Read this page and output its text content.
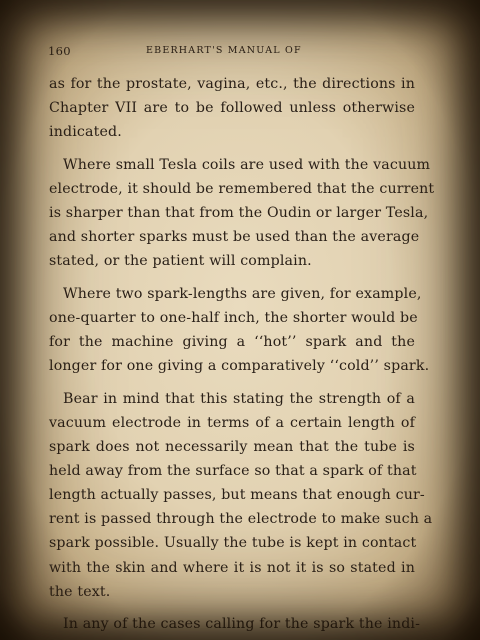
160	EBERHART'S MANUAL OF
as for the prostate, vagina, etc., the directions in
Chapter VII are to be followed unless otherwise
indicated.
Where small Tesla coils are used with the vacuum
electrode, it should be remembered that the current
is sharper than that from the Oudin or larger Tesla,
and shorter sparks must be used than the average
stated, or the patient will complain.
Where two spark-lengths are given, for example,
one-quarter to one-half inch, the shorter would be
for the machine giving a ‘‘hot’’ spark and the
longer for one giving a comparatively ‘‘cold’’ spark.
Bear in mind that this stating the strength of a
vacuum electrode in terms of a certain length of
spark does not necessarily mean that the tube is
held away from the surface so that a spark of that
length actually passes, but means that enough cur-
rent is passed through the electrode to make such a
spark possible. Usually the tube is kept in contact
with the skin and where it is not it is so stated in
the text.
In any of the cases calling for the spark the indi-
